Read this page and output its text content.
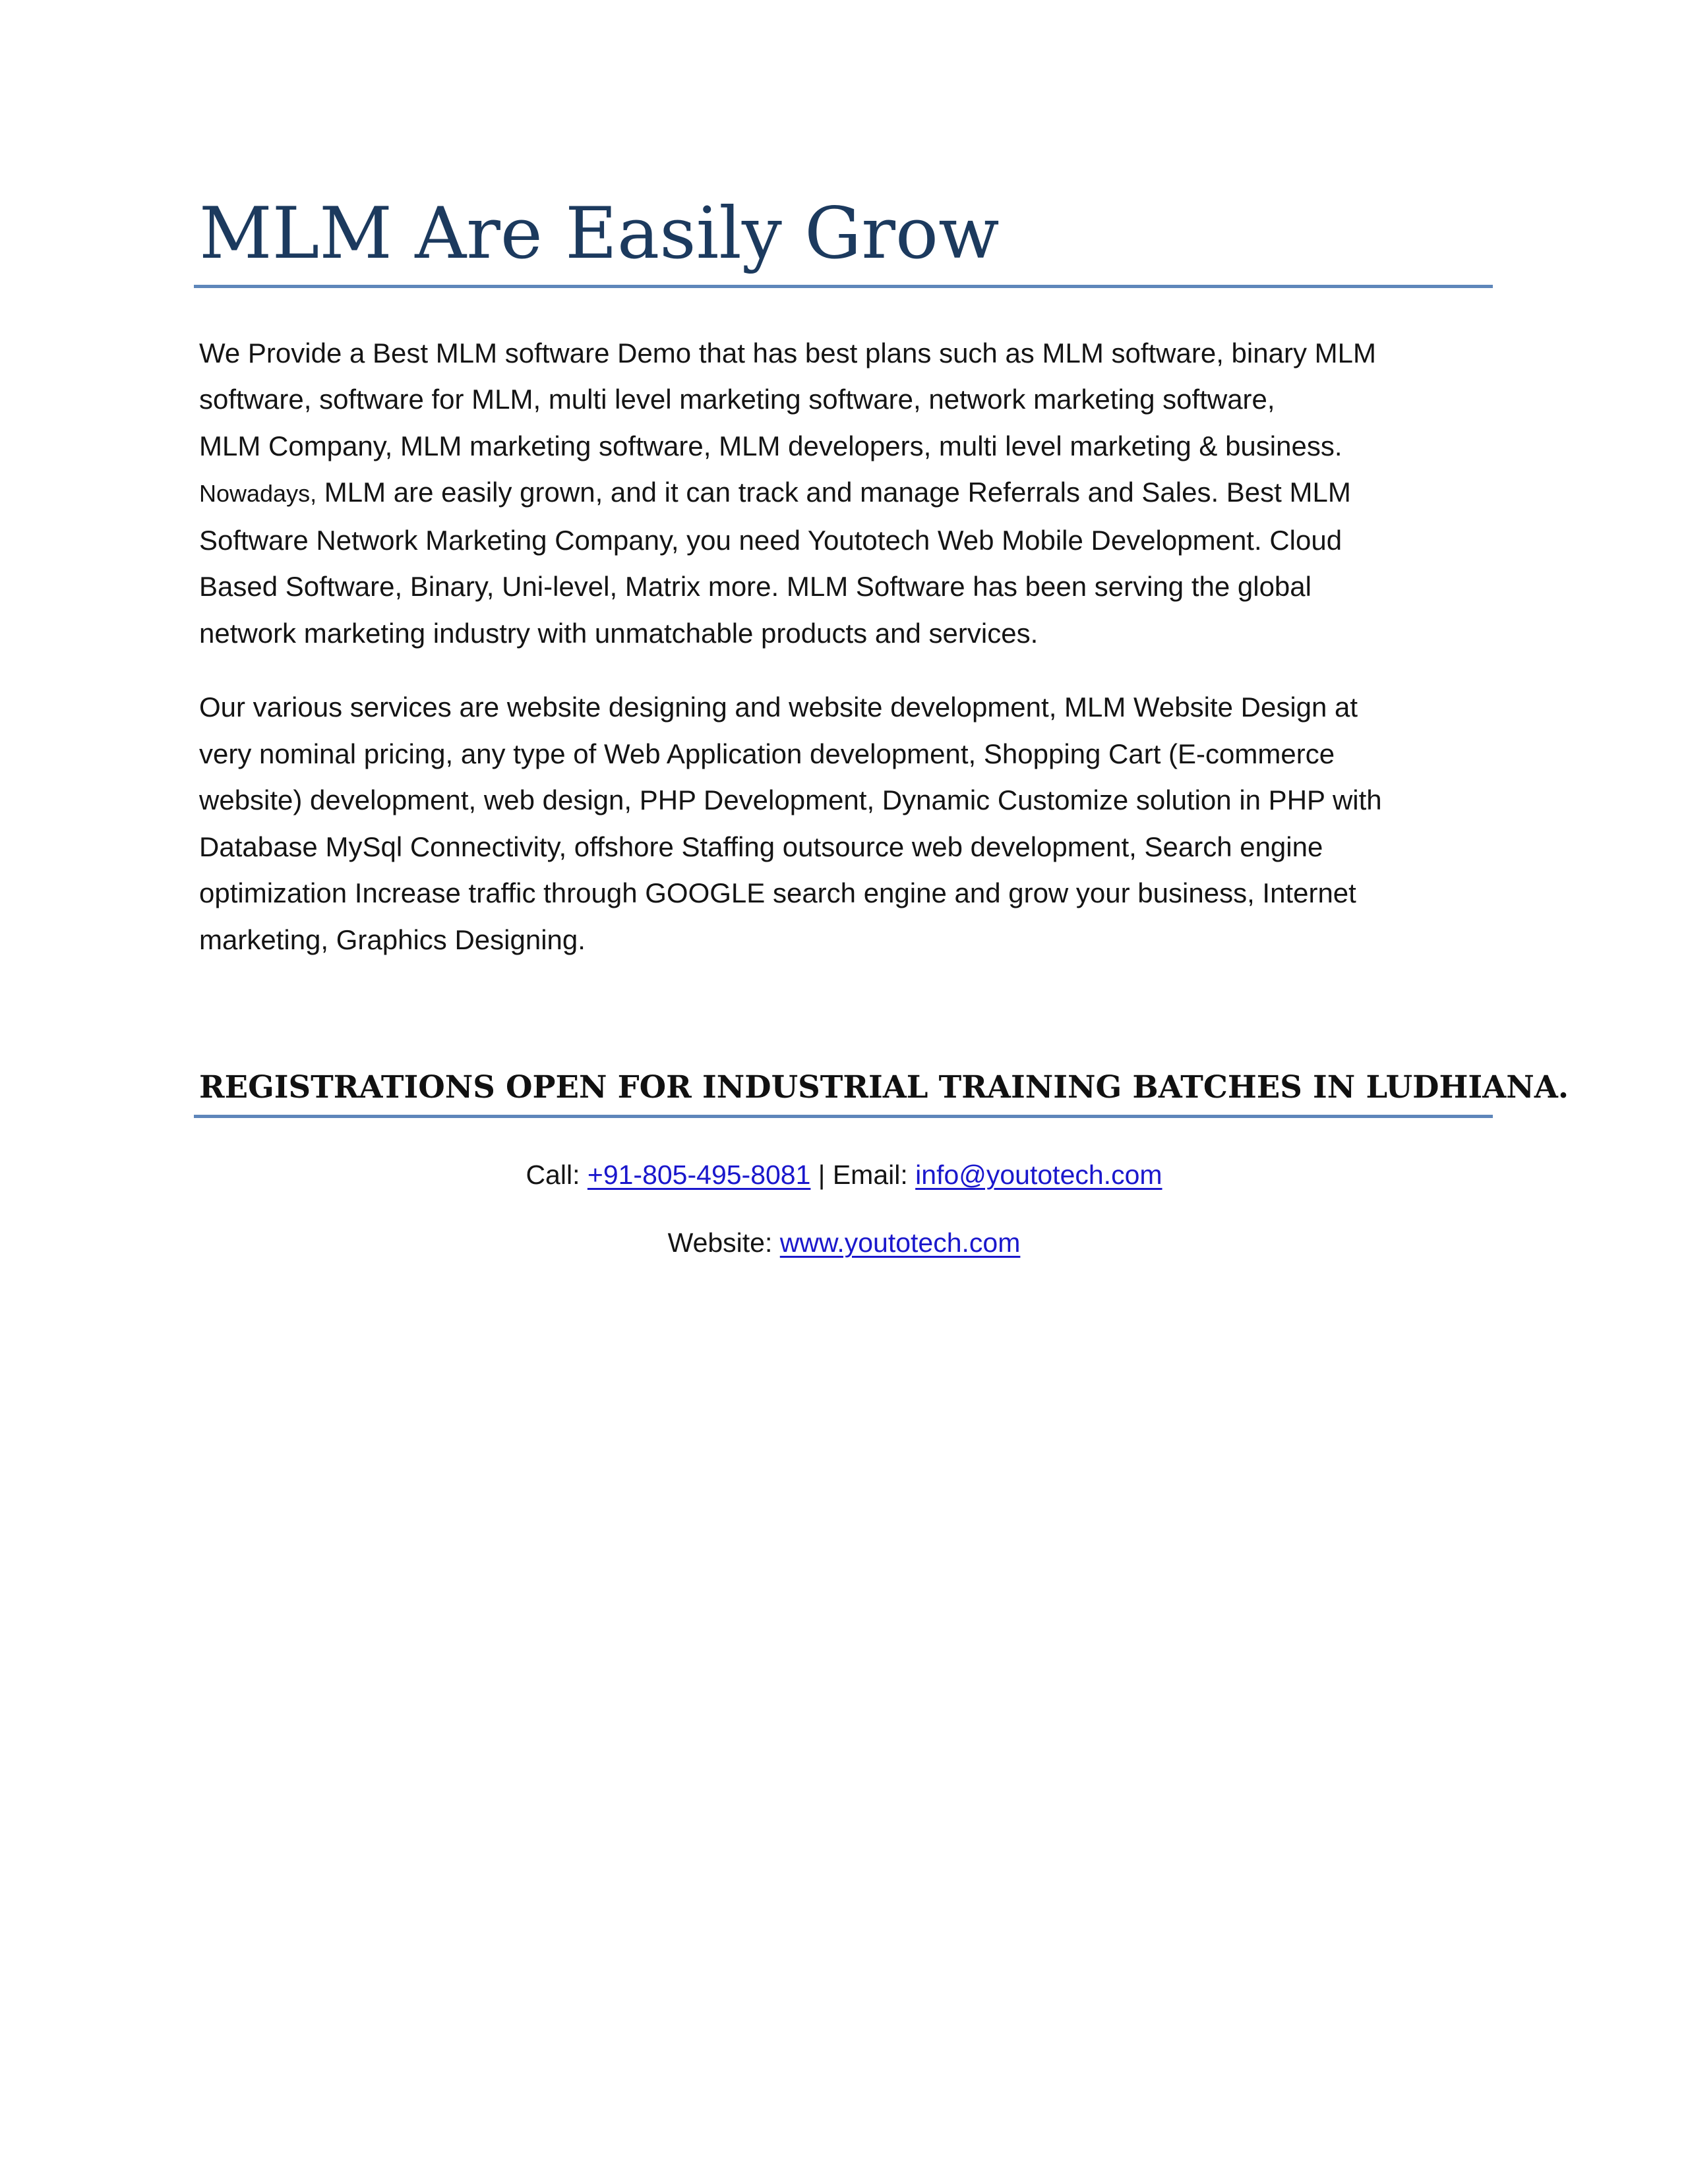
MLM Are Easily Grow
We Provide a Best MLM software Demo that has best plans such as MLM software, binary MLM
software, software for MLM, multi level marketing software, network marketing software,
MLM Company, MLM marketing software, MLM developers, multi level marketing & business.
Nowadays, MLM are easily grown, and it can track and manage Referrals and Sales. Best MLM
Software Network Marketing Company, you need Youtotech Web Mobile Development. Cloud
Based Software, Binary, Uni-level, Matrix more. MLM Software has been serving the global
network marketing industry with unmatchable products and services.
Our various services are website designing and website development, MLM Website Design at
very nominal pricing, any type of Web Application development, Shopping Cart (E-commerce
website) development, web design, PHP Development, Dynamic Customize solution in PHP with
Database MySql Connectivity, offshore Staffing outsource web development, Search engine
optimization Increase traffic through GOOGLE search engine and grow your business, Internet
marketing, Graphics Designing.
REGISTRATIONS OPEN FOR INDUSTRIAL TRAINING BATCHES IN LUDHIANA.
Call: +91-805-495-8081 | Email: info@youtotech.com
Website: www.youtotech.com
